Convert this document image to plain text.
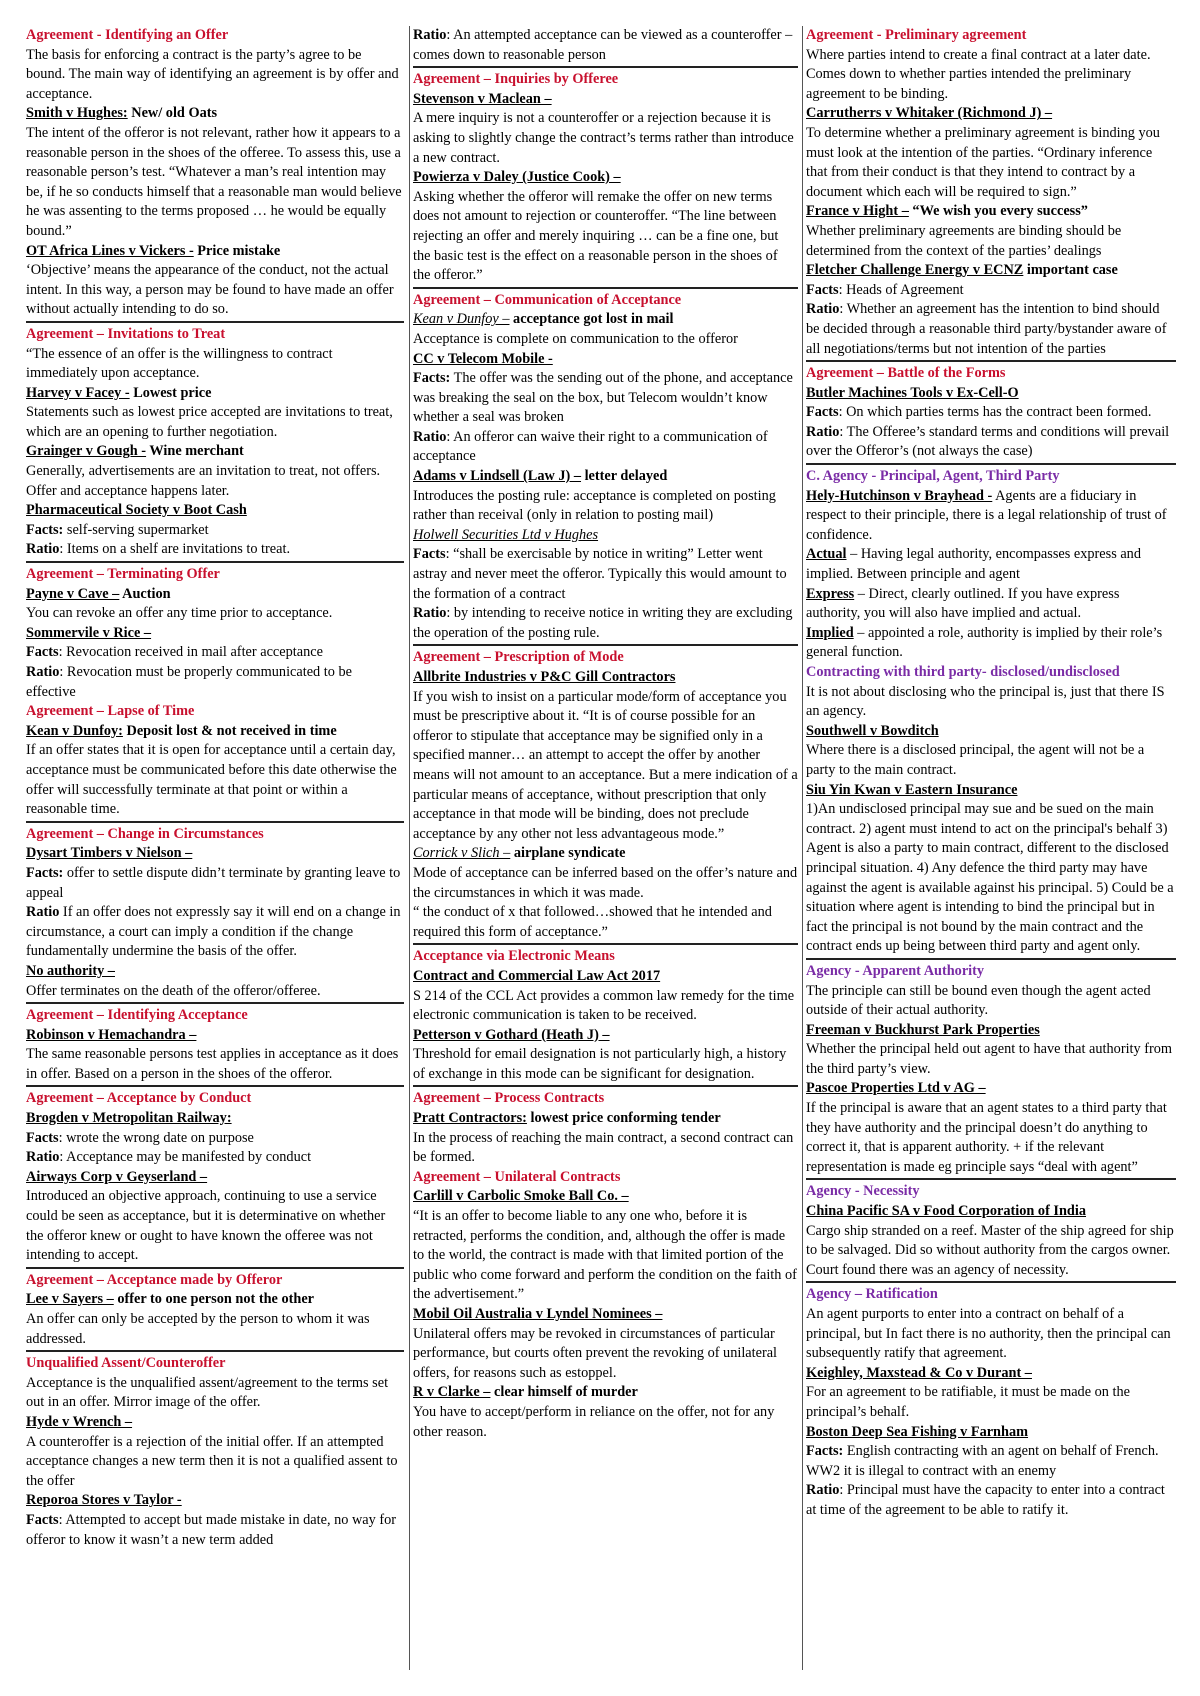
Agreement - Identifying an Offer

The basis for enforcing a contract is the party’s agree to be bound. The main way of identifying an agreement is by offer and acceptance.

Smith v Hughes: New/ old Oats

The intent of the offeror is not relevant, rather how it appears to a reasonable person in the shoes of the offeree. To assess this, use a reasonable person’s test. “Whatever a man’s real intention may be, if he so conducts himself that a reasonable man would believe he was assenting to the terms proposed … he would be equally bound.”

OT Africa Lines v Vickers - Price mistake

‘Objective’ means the appearance of the conduct, not the actual intent. In this way, a person may be found to have made an offer without actually intending to do so.

Agreement – Invitations to Treat

“The essence of an offer is the willingness to contract immediately upon acceptance.

Harvey v Facey - Lowest price

Statements such as lowest price accepted are invitations to treat, which are an opening to further negotiation.

Grainger v Gough - Wine merchant

Generally, advertisements are an invitation to treat, not offers. Offer and acceptance happens later.

Pharmaceutical Society v Boot Cash

Facts: self-serving supermarket

Ratio: Items on a shelf are invitations to treat.

Agreement – Terminating Offer

Payne v Cave – Auction

You can revoke an offer any time prior to acceptance.

Sommervile v Rice –

Facts: Revocation received in mail after acceptance

Ratio: Revocation must be properly communicated to be effective

Agreement – Lapse of Time

Kean v Dunfoy: Deposit lost & not received in time

If an offer states that it is open for acceptance until a certain day, acceptance must be communicated before this date otherwise the offer will successfully terminate at that point or within a reasonable time.

Agreement – Change in Circumstances

Dysart Timbers v Nielson –

Facts: offer to settle dispute didn’t terminate by granting leave to appeal

Ratio If an offer does not expressly say it will end on a change in circumstance, a court can imply a condition if the change fundamentally undermine the basis of the offer.

No authority –

Offer terminates on the death of the offeror/offeree.

Agreement – Identifying Acceptance

Robinson v Hemachandra –

The same reasonable persons test applies in acceptance as it does in offer. Based on a person in the shoes of the offeror.

Agreement – Acceptance by Conduct

Brogden v Metropolitan Railway:

Facts: wrote the wrong date on purpose

Ratio: Acceptance may be manifested by conduct

Airways Corp v Geyserland –

Introduced an objective approach, continuing to use a service could be seen as acceptance, but it is determinative on whether the offeror knew or ought to have known the offeree was not intending to accept.

Agreement – Acceptance made by Offeror

Lee v Sayers – offer to one person not the other

An offer can only be accepted by the person to whom it was addressed.

Unqualified Assent/Counteroffer

Acceptance is the unqualified assent/agreement to the terms set out in an offer. Mirror image of the offer.

Hyde v Wrench –

A counteroffer is a rejection of the initial offer. If an attempted acceptance changes a new term then it is not a qualified assent to the offer

Reporoa Stores v Taylor -

Facts: Attempted to accept but made mistake in date, no way for offeror to know it wasn’t a new term added

Ratio: An attempted acceptance can be viewed as a counteroffer – comes down to reasonable person

Agreement – Inquiries by Offeree

Stevenson v Maclean –

A mere inquiry is not a counteroffer or a rejection because it is asking to slightly change the contract’s terms rather than introduce a new contract.

Powierza v Daley (Justice Cook) –

Asking whether the offeror will remake the offer on new terms does not amount to rejection or counteroffer. “The line between rejecting an offer and merely inquiring … can be a fine one, but the basic test is the effect on a reasonable person in the shoes of the offeror.”

Agreement – Communication of Acceptance

Kean v Dunfoy – acceptance got lost in mail

Acceptance is complete on communication to the offeror

CC v Telecom Mobile -

Facts: The offer was the sending out of the phone, and acceptance was breaking the seal on the box, but Telecom wouldn’t know whether a seal was broken

Ratio: An offeror can waive their right to a communication of acceptance

Adams v Lindsell (Law J) – letter delayed

Introduces the posting rule: acceptance is completed on posting rather than receival (only in relation to posting mail)

Holwell Securities Ltd v Hughes

Facts: “shall be exercisable by notice in writing” Letter went astray and never meet the offeror. Typically this would amount to the formation of a contract

Ratio: by intending to receive notice in writing they are excluding the operation of the posting rule.

Agreement – Prescription of Mode

Allbrite Industries v P&C Gill Contractors

If you wish to insist on a particular mode/form of acceptance you must be prescriptive about it. “It is of course possible for an offeror to stipulate that acceptance may be signified only in a specified manner… an attempt to accept the offer by another means will not amount to an acceptance. But a mere indication of a particular means of acceptance, without prescription that only acceptance in that mode will be binding, does not preclude acceptance by any other not less advantageous mode.”

Corrick v Slich – airplane syndicate

Mode of acceptance can be inferred based on the offer’s nature and the circumstances in which it was made.

“ the conduct of x that followed…showed that he intended and required this form of acceptance.”

Acceptance via Electronic Means

Contract and Commercial Law Act 2017

S 214 of the CCL Act provides a common law remedy for the time electronic communication is taken to be received.

Petterson v Gothard (Heath J) –

Threshold for email designation is not particularly high, a history of exchange in this mode can be significant for designation.

Agreement – Process Contracts

Pratt Contractors: lowest price conforming tender

In the process of reaching the main contract, a second contract can be formed.

Agreement – Unilateral Contracts

Carlill v Carbolic Smoke Ball Co. –

“It is an offer to become liable to any one who, before it is retracted, performs the condition, and, although the offer is made to the world, the contract is made with that limited portion of the public who come forward and perform the condition on the faith of the advertisement.”

Mobil Oil Australia v Lyndel Nominees –

Unilateral offers may be revoked in circumstances of particular performance, but courts often prevent the revoking of unilateral offers, for reasons such as estoppel.

R v Clarke – clear himself of murder

You have to accept/perform in reliance on the offer, not for any other reason.

Agreement - Preliminary agreement

Where parties intend to create a final contract at a later date. Comes down to whether parties intended the preliminary agreement to be binding.

Carrutherrs v Whitaker (Richmond J) –

To determine whether a preliminary agreement is binding you must look at the intention of the parties. “Ordinary inference that from their conduct is that they intend to contract by a document which each will be required to sign.”

France v Hight – “We wish you every success”

Whether preliminary agreements are binding should be determined from the context of the parties’ dealings

Fletcher Challenge Energy v ECNZ important case

Facts: Heads of Agreement

Ratio: Whether an agreement has the intention to bind should be decided through a reasonable third party/bystander aware of all negotiations/terms but not intention of the parties

Agreement – Battle of the Forms

Butler Machines Tools v Ex-Cell-O

Facts: On which parties terms has the contract been formed.

Ratio: The Offeree’s standard terms and conditions will prevail over the Offeror’s (not always the case)

C. Agency - Principal, Agent, Third Party

Hely-Hutchinson v Brayhead - Agents are a fiduciary in respect to their principle, there is a legal relationship of trust of confidence.

Actual – Having legal authority, encompasses express and implied. Between principle and agent

Express – Direct, clearly outlined. If you have express authority, you will also have implied and actual.

Implied – appointed a role, authority is implied by their role’s general function.

Contracting with third party- disclosed/undisclosed

It is not about disclosing who the principal is, just that there IS an agency.

Southwell v Bowditch

Where there is a disclosed principal, the agent will not be a party to the main contract.

Siu Yin Kwan v Eastern Insurance

1)An undisclosed principal may sue and be sued on the main contract. 2) agent must intend to act on the principal's behalf 3) Agent is also a party to main contract, different to the disclosed principal situation. 4) Any defence the third party may have against the agent is available against his principal. 5) Could be a situation where agent is intending to bind the principal but in fact the principal is not bound by the main contract and the contract ends up being between third party and agent only.

Agency - Apparent Authority

The principle can still be bound even though the agent acted outside of their actual authority.

Freeman v Buckhurst Park Properties

Whether the principal held out agent to have that authority from the third party’s view.

Pascoe Properties Ltd v AG –

If the principal is aware that an agent states to a third party that they have authority and the principal doesn’t do anything to correct it, that is apparent authority. + if the relevant representation is made eg principle says “deal with agent”

Agency - Necessity

China Pacific SA v Food Corporation of India

Cargo ship stranded on a reef. Master of the ship agreed for ship to be salvaged. Did so without authority from the cargos owner. Court found there was an agency of necessity.

Agency – Ratification

An agent purports to enter into a contract on behalf of a principal, but In fact there is no authority, then the principal can subsequently ratify that agreement.

Keighley, Maxstead & Co v Durant –

For an agreement to be ratifiable, it must be made on the principal’s behalf.

Boston Deep Sea Fishing v Farnham

Facts: English contracting with an agent on behalf of French. WW2 it is illegal to contract with an enemy

Ratio: Principal must have the capacity to enter into a contract at time of the agreement to be able to ratify it.
